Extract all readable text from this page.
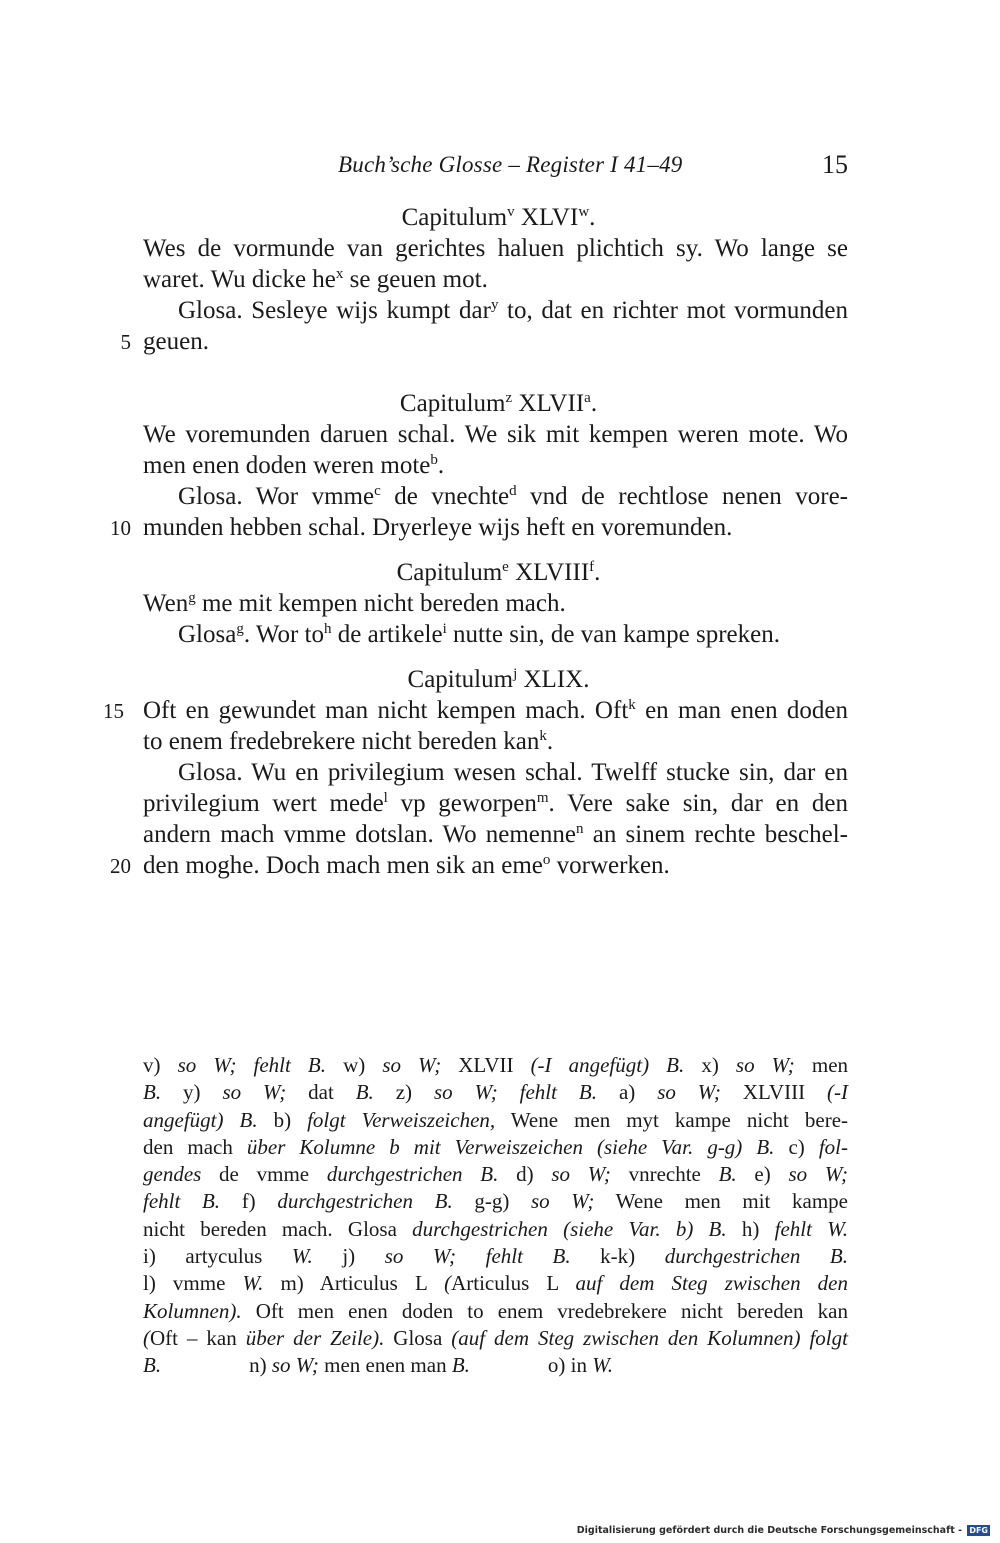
Buch’sche Glosse – Register I 41–49	15
Capitulum$^v$ XLVI$^w$.
Wes de vormunde van gerichtes haluen plichtich sy. Wo lange se
waret. Wu dicke $he^x$ se geuen mot.
Glosa. Sesleye wijs kumpt dar$^y$ to, dat en richter mot vormunden
5 geuen.
Capitulum$^z$ XLVII$^a$.
We voremunden daruen schal. We sik mit kempen weren mote. Wo
men enen doden weren mote$^b$.
Glosa. Wor vmme$^c$ de vnechte$^d$ vnd de rechtlose nenen vore-
10 munden hebben schal. Dryerleye wijs heft en voremunden.
Capitulum$^e$ XLVIII$^f$.
Wen$^g$ me mit kempen nicht bereden mach.
Glosa$^g$. Wor $to^h$ de artikele$^i$ nutte sin, de van kampe spreken.
Capitulum$^j$ XLIX.
15 Oft en gewundet man nicht kempen mach. Oft$^k$ en man enen doden
to enem fredebrekere nicht bereden kan$^k$.
Glosa. Wu en privilegium wesen schal. Twelff stucke sin, dar en
privilegium wert mede$^l$ vp geworpen$^m$. Vere sake sin, dar en den
andern mach vmme dotslan. Wo nemenne$^n$ an sinem rechte beschel-
20 den moghe. Doch mach men sik an eme$^o$ vorwerken.
v) so W; fehlt B. w) so W; XLVII (-I angefügt) B. x) so W; men
B. y) so W; dat B. z) so W; fehlt B. a) so W; XLVIII (-I
angefügt) B. b) folgt Verweiszeichen, Wene men myt kampe nicht bere-
den mach über Kolumne b mit Verweiszeichen (siehe Var. g-g) B. c) fol-
gendes de vmme durchgestrichen B. d) so W; vnrechte B. e) so W;
fehlt B. f) durchgestrichen B. g-g) so W; Wene men mit kampe
nicht bereden mach. Glosa durchgestrichen (siehe Var. b) B. h) fehlt W.
i) artyculus W. j) so W; fehlt B. k-k) durchgestrichen B.
l) vmme W. m) Articulus L (Articulus L auf dem Steg zwischen den
Kolumnen). Oft men enen doden to enem vredebrekere nicht bereden kan
(Oft – kan über der Zeile). Glosa (auf dem Steg zwischen den Kolumnen) folgt
B.	n) so W; men enen man B.	o) in W.
Digitalisierung gefördert durch die Deutsche Forschungsgemeinschaft - DFG
